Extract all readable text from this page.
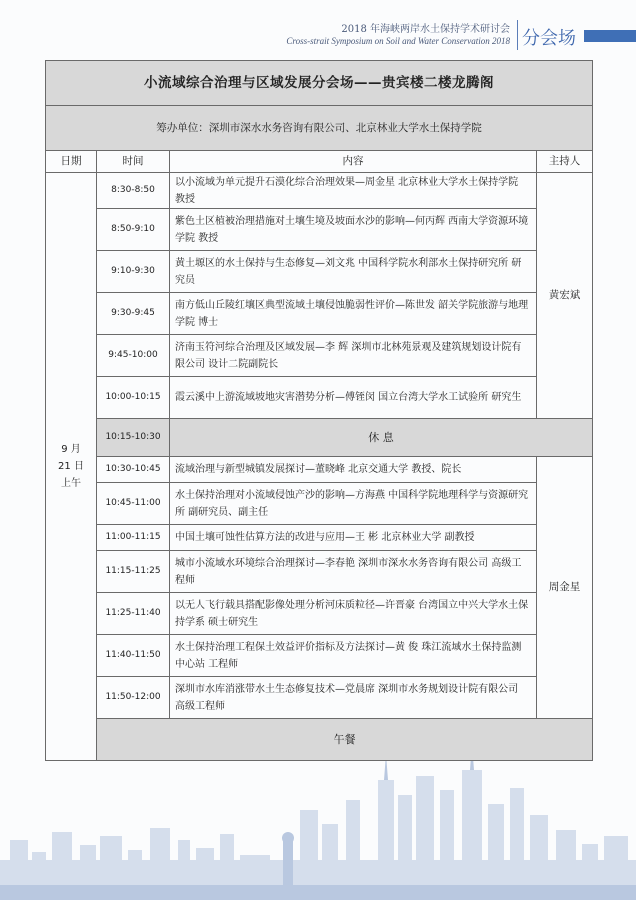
2018 年海峡两岸水土保持学术研讨会
Cross-strait Symposium on Soil and Water Conservation 2018 分会场
小流域综合治理与区域发展分会场——贵宾楼二楼龙腾阁			
筹办单位：深圳市深水水务咨询有限公司、北京林业大学水土保持学院			
日期	时间	内容	主持人

9 月
21 日
上午	8:30-8:50	以小流域为单元提升石漠化综合治理效果—周金星 北京林业大学水土保持学院 教授	黄宏斌
	8:50-9:10	紫色土区植被治理措施对土壤生境及坡面水沙的影响—何丙辉 西南大学资源环境学院 教授	
	9:10-9:30	黄土塬区的水土保持与生态修复—刘文兆 中国科学院水利部水土保持研究所 研究员	
	9:30-9:45	南方低山丘陵红壤区典型流域土壤侵蚀脆弱性评价—陈世发 韶关学院旅游与地理学院 博士	
	9:45-10:00	济南玉符河综合治理及区域发展—李 辉 深圳市北林苑景观及建筑规划设计院有限公司 设计二院副院长	
	10:00-10:15	霞云溪中上游流域坡地灾害潜势分析—傅铚闵 国立台湾大学水工试验所 研究生	
	10:15-10:30	休 息	
	10:30-10:45	流域治理与新型城镇发展探讨—董晓峰 北京交通大学 教授、院长	周金星
	10:45-11:00	水土保持治理对小流域侵蚀产沙的影响—方海燕 中国科学院地理科学与资源研究所 副研究员、副主任	
	11:00-11:15	中国土壤可蚀性估算方法的改进与应用—王 彬 北京林业大学 副教授	
	11:15-11:25	城市小流域水环境综合治理探讨—李春艳 深圳市深水水务咨询有限公司 高级工程师	
	11:25-11:40	以无人飞行载具搭配影像处理分析河床质粒径—许晋豪 台湾国立中兴大学水土保持学系 硕士研究生	
	11:40-11:50	水土保持治理工程保土效益评价指标及方法探讨—黄 俊 珠江流域水土保持监测中心站 工程师	
	11:50-12:00	深圳市水库消涨带水土生态修复技术—党晨席 深圳市水务规划设计院有限公司 高级工程师	
	午餐		
